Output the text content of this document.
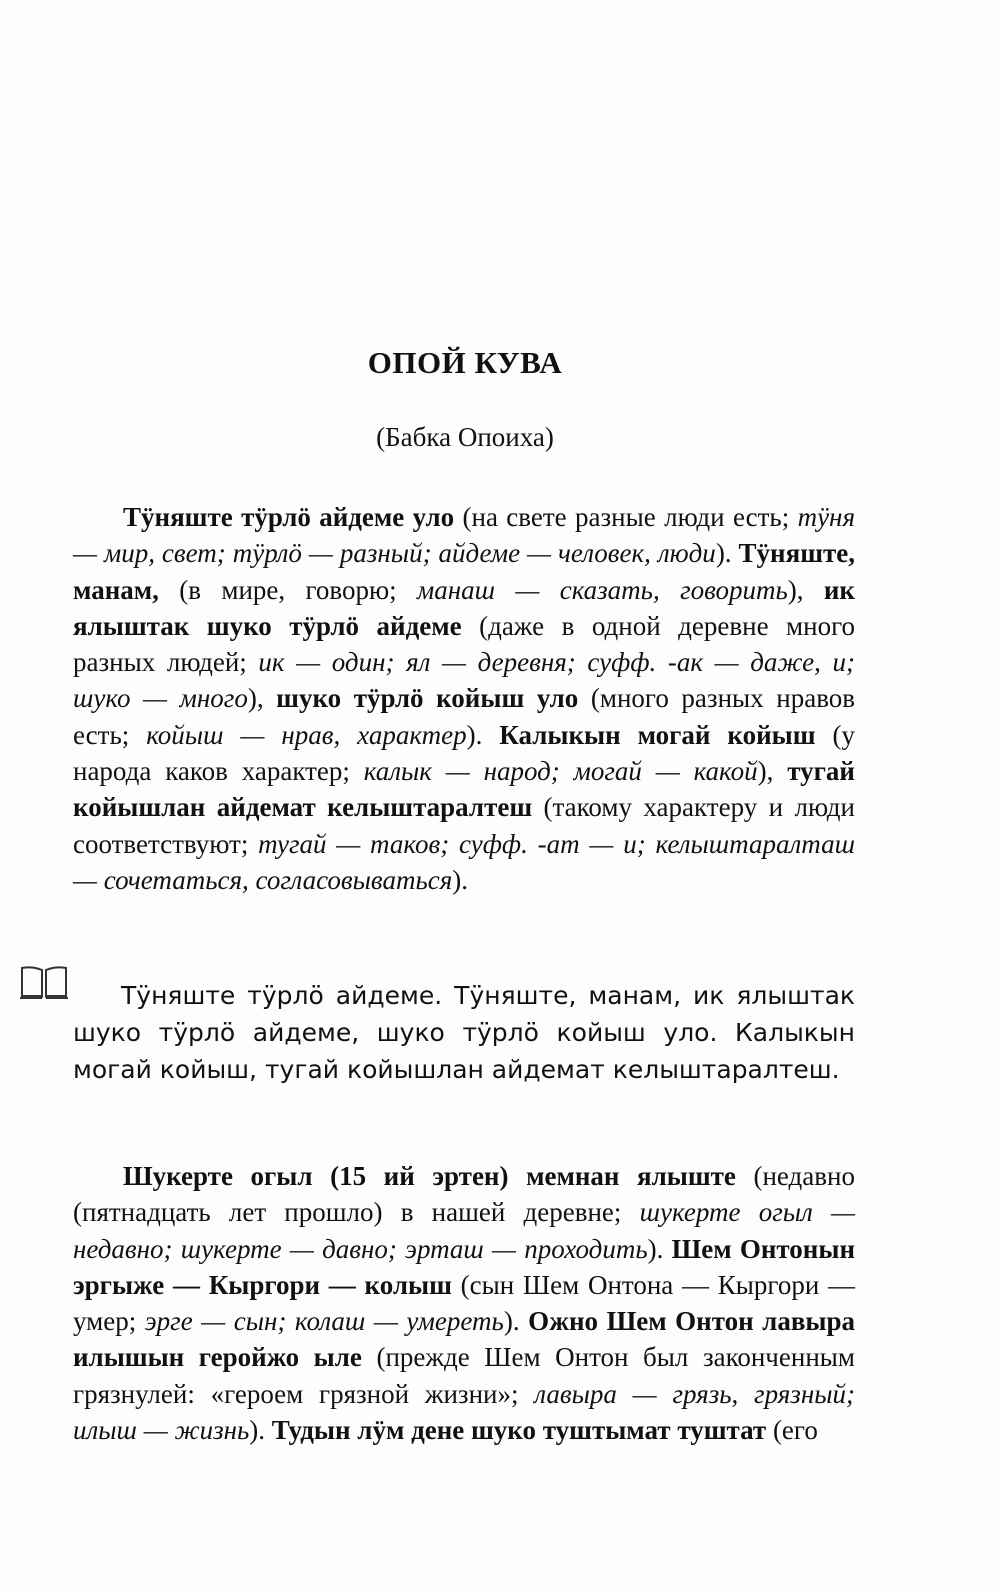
ОПОЙ КУВА
(Бабка Опоиха)
Тӱняште тӱрлӧ айдеме уло (на свете разные люди есть; тӱня — мир, свет; тӱрлӧ — разный; айдеме — человек, люди). Тӱняште, манам, (в мире, говорю; манаш — сказать, говорить), ик ялыштак шуко тӱрлӧ айдеме (даже в одной деревне много разных людей; ик — один; ял — деревня; суфф. -ак — даже, и; шуко — много), шуко тӱрлӧ койыш уло (много разных нравов есть; койыш — нрав, характер). Калыкын могай койыш (у народа каков характер; калык — народ; могай — какой), тугай койышлан айдемат келыштаралтеш (такому характеру и люди соответствуют; тугай — таков; суфф. -ат — и; келыштаралташ — сочетаться, согласовываться).
Тӱняште тӱрлӧ айдеме. Тӱняште, манам, ик ялыштак шуко тӱрлӧ айдеме, шуко тӱрлӧ койыш уло. Калыкын могай койыш, тугай койышлан айдемат келыштаралтеш.
Шукерте огыл (15 ий эртен) мемнан ялыште (недавно (пятнадцать лет прошло) в нашей деревне; шукерте огыл — недавно; шукерте — давно; эрташ — проходить). Шем Онтонын эргыже — Кыргори — колыш (сын Шем Онтона — Кыргори — умер; эрге — сын; колаш — умереть). Ожно Шем Онтон лавыра илышын геройжо ыле (прежде Шем Онтон был законченным грязнулей: «героем грязной жизни»; лавыра — грязь, грязный; илыш — жизнь). Тудын лӱм дене шуко туштымат туштат (его
